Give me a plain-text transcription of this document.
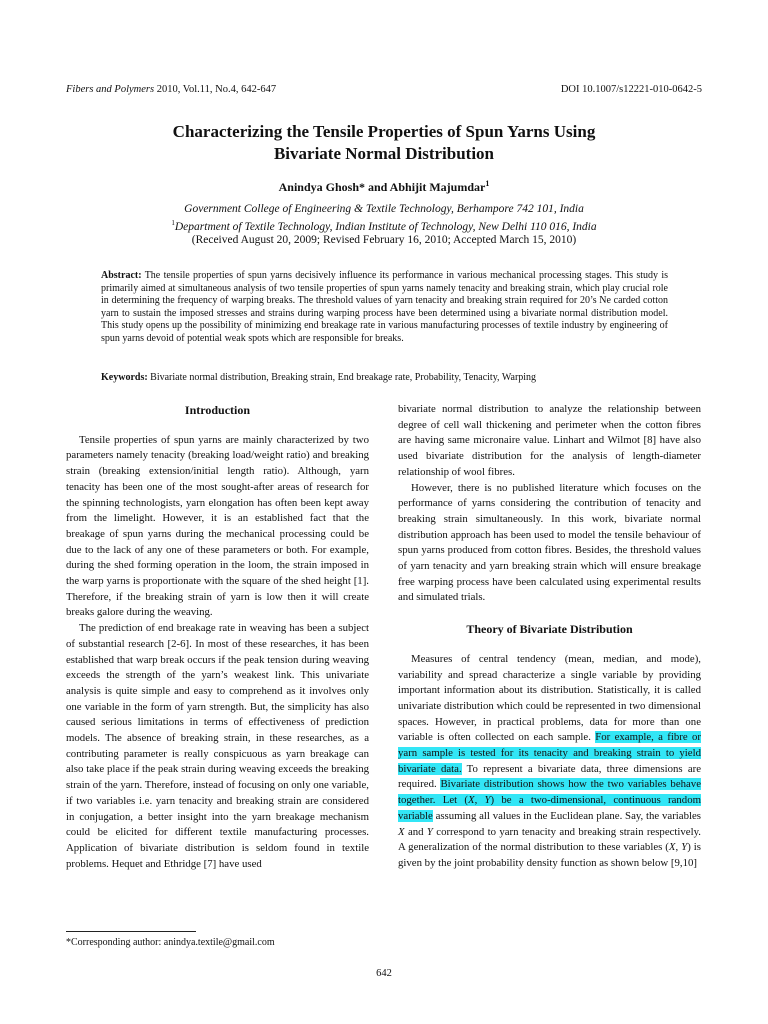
Fibers and Polymers 2010, Vol.11, No.4, 642-647	DOI 10.1007/s12221-010-0642-5
Characterizing the Tensile Properties of Spun Yarns Using
Bivariate Normal Distribution
Anindya Ghosh* and Abhijit Majumdar$^1$
Government College of Engineering & Textile Technology, Berhampore 742 101, India
$^1$Department of Textile Technology, Indian Institute of Technology, New Delhi 110 016, India
(Received August 20, 2009; Revised February 16, 2010; Accepted March 15, 2010)
Abstract: The tensile properties of spun yarns decisively influence its performance in various mechanical processing stages. This study is primarily aimed at simultaneous analysis of two tensile properties of spun yarns namely tenacity and breaking strain, which play crucial role in determining the frequency of warping breaks. The threshold values of yarn tenacity and breaking strain required for 20’s Ne carded cotton yarn to sustain the imposed stresses and strains during warping process have been determined using a bivariate normal distribution model. This study opens up the possibility of minimizing end breakage rate in various manufacturing processes of textile industry by engineering of spun yarns devoid of potential weak spots which are responsible for breaks.
Keywords: Bivariate normal distribution, Breaking strain, End breakage rate, Probability, Tenacity, Warping
Introduction

Tensile properties of spun yarns are mainly characterized by two parameters namely tenacity (breaking load/weight ratio) and breaking strain (breaking extension/initial length ratio). Although, yarn tenacity has been one of the most sought-after areas of research for the spinning technologists, yarn elongation has often been kept away from the limelight. However, it is an established fact that the breakage of spun yarns during the mechanical processing could be due to the lack of any one of these parameters or both. For example, during the shed forming operation in the loom, the strain imposed in the warp yarns is proportionate with the square of the shed height [1]. Therefore, if the breaking strain of yarn is low then it will create breaks galore during the weaving.

The prediction of end breakage rate in weaving has been a subject of substantial research [2-6]. In most of these researches, it has been established that warp break occurs if the peak tension during weaving exceeds the strength of the yarn’s weakest link. This univariate analysis is quite simple and easy to comprehend as it involves only one variable in the form of yarn strength. But, the simplicity has also caused serious limitations in terms of effectiveness of prediction models. The absence of breaking strain, in these researches, as a contributing parameter is really conspicuous as yarn breakage can also take place if the peak strain during weaving exceeds the breaking strain of the yarn. Therefore, instead of focusing on only one variable, if two variables i.e. yarn tenacity and breaking strain are considered in conjugation, a better insight into the yarn breakage mechanism could be elicited for different textile manufacturing processes. Application of bivariate distribution is seldom found in textile problems. Hequet and Ethridge [7] have used

bivariate normal distribution to analyze the relationship between degree of cell wall thickening and perimeter when the cotton fibres are having same micronaire value. Linhart and Wilmot [8] have also used bivariate distribution for the analysis of length-diameter relationship of wool fibres.

However, there is no published literature which focuses on the performance of yarns considering the contribution of tenacity and breaking strain simultaneously. In this work, bivariate normal distribution approach has been used to model the tensile behaviour of spun yarns produced from cotton fibres. Besides, the threshold values of yarn tenacity and yarn breaking strain which will ensure breakage free warping process have been calculated using experimental results and simulated trials.

Theory of Bivariate Distribution

Measures of central tendency (mean, median, and mode), variability and spread characterize a single variable by providing important information about its distribution. Statistically, it is called univariate distribution which could be represented in two dimensional spaces. However, in practical problems, data for more than one variable is often collected on each sample. For example, a fibre or yarn sample is tested for its tenacity and breaking strain to yield bivariate data. To represent a bivariate data, three dimensions are required. Bivariate distribution shows how the two variables behave together. Let (X, Y) be a two-dimensional, continuous random variable assuming all values in the Euclidean plane. Say, the variables X and Y correspond to yarn tenacity and breaking strain respectively. A generalization of the normal distribution to these variables (X, Y) is given by the joint probability density function as shown below [9,10]

*Corresponding author: anindya.textile@gmail.com
642
